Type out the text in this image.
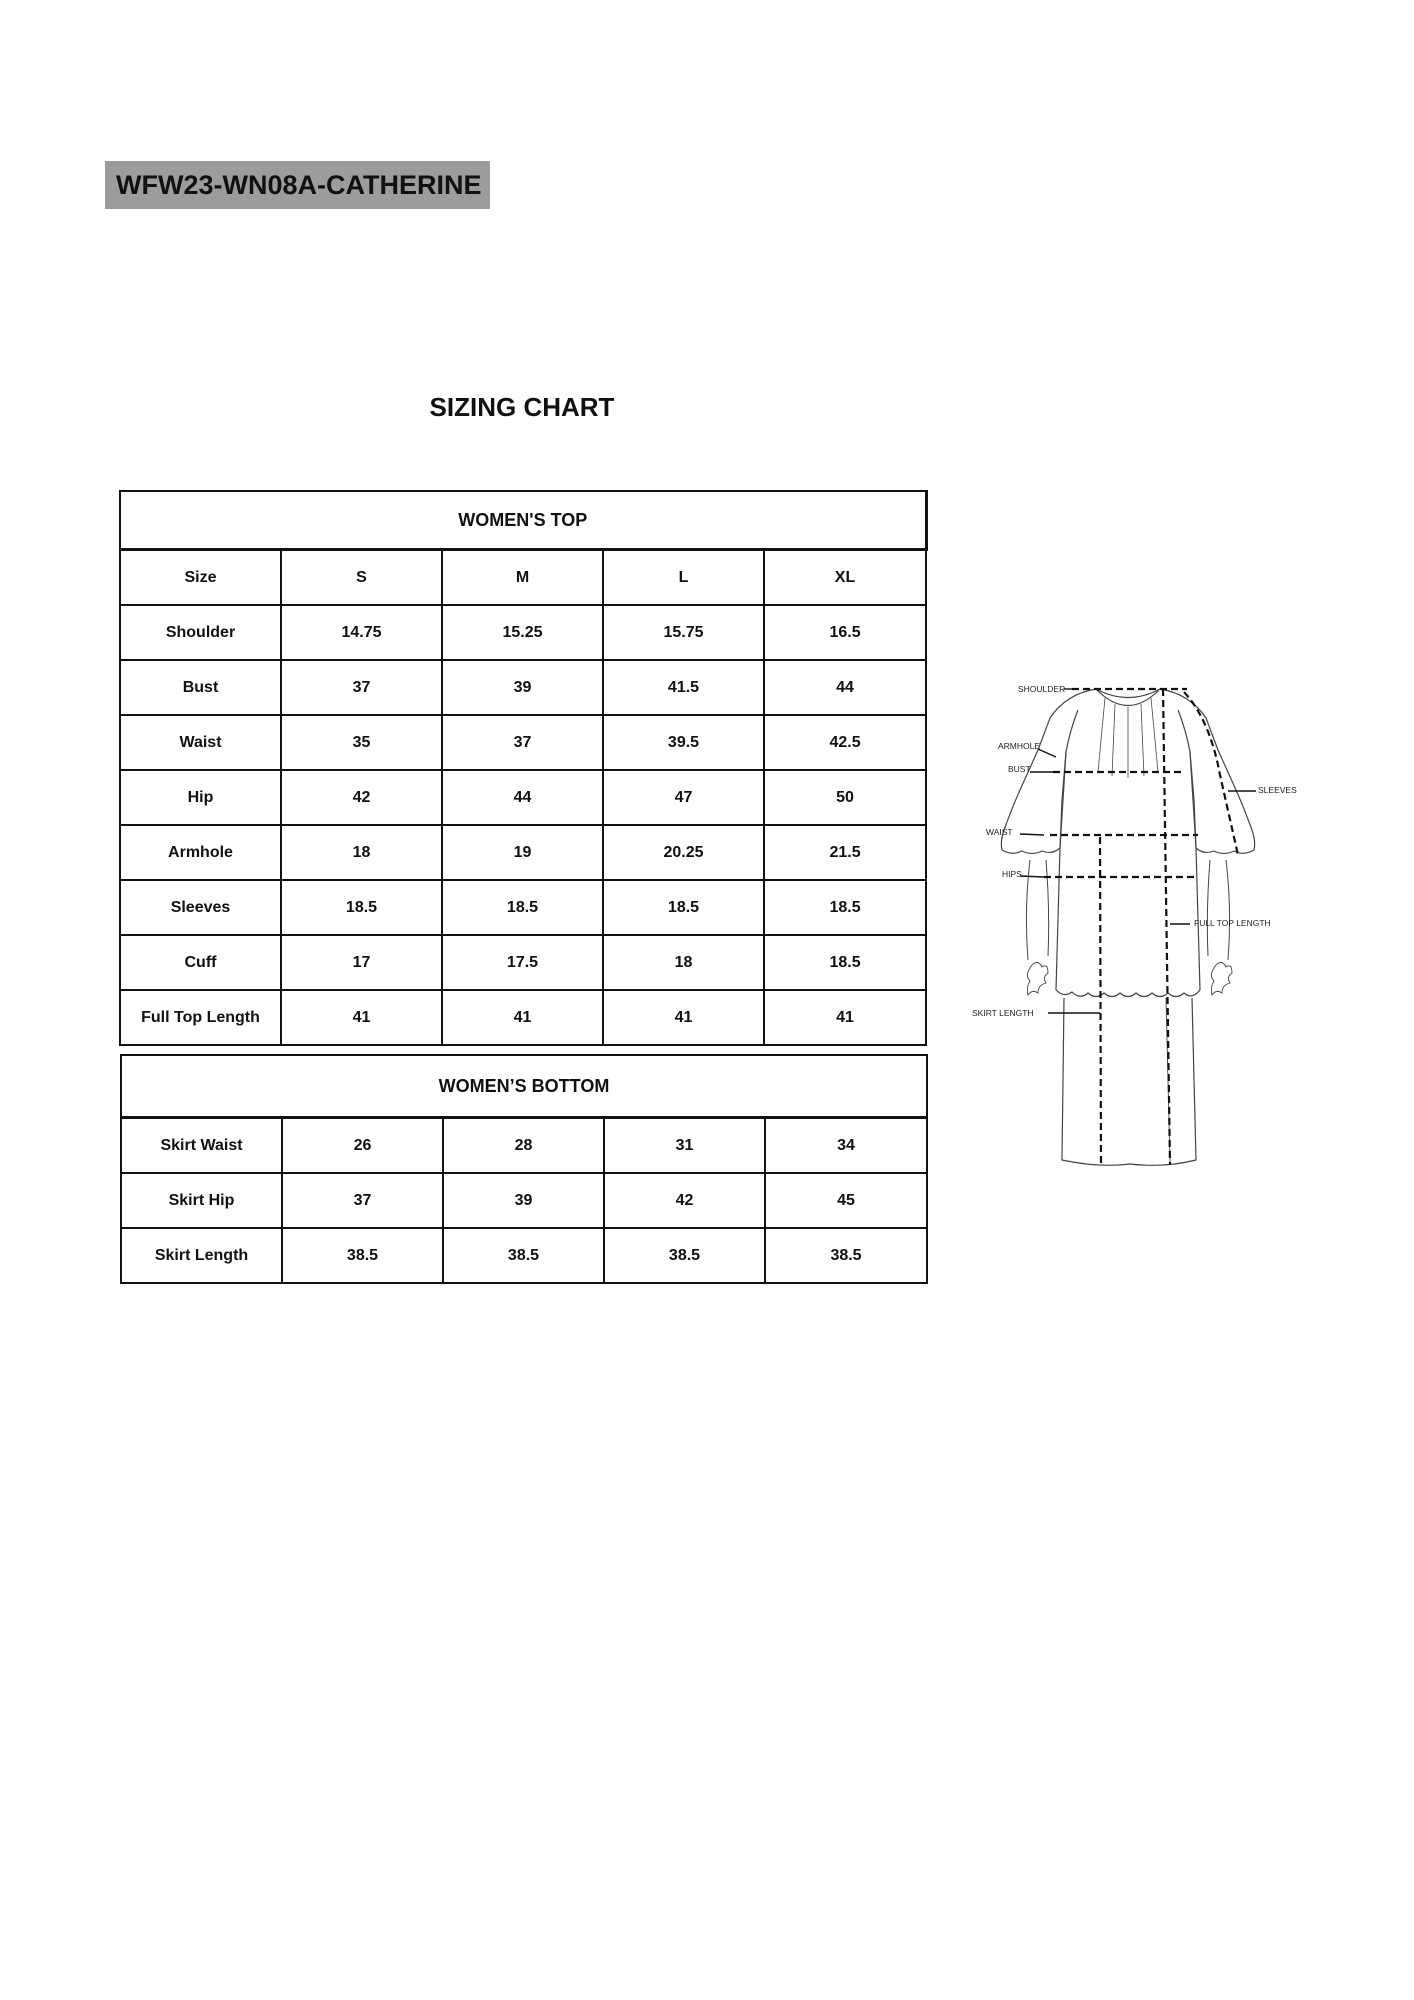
WFW23-WN08A-CATHERINE
SIZING CHART
WOMEN'S TOP				
Size	S	M	L	XL
Shoulder	14.75	15.25	15.75	16.5
Bust	37	39	41.5	44
Waist	35	37	39.5	42.5
Hip	42	44	47	50
Armhole	18	19	20.25	21.5
Sleeves	18.5	18.5	18.5	18.5
Cuff	17	17.5	18	18.5
Full Top Length	41	41	41	41
WOMEN’S BOTTOM				
Skirt Waist	26	28	31	34
Skirt Hip	37	39	42	45
Skirt Length	38.5	38.5	38.5	38.5
SHOULDER
ARMHOLE
BUST
WAIST
HIPS
SLEEVES
FULL TOP LENGTH
SKIRT LENGTH
